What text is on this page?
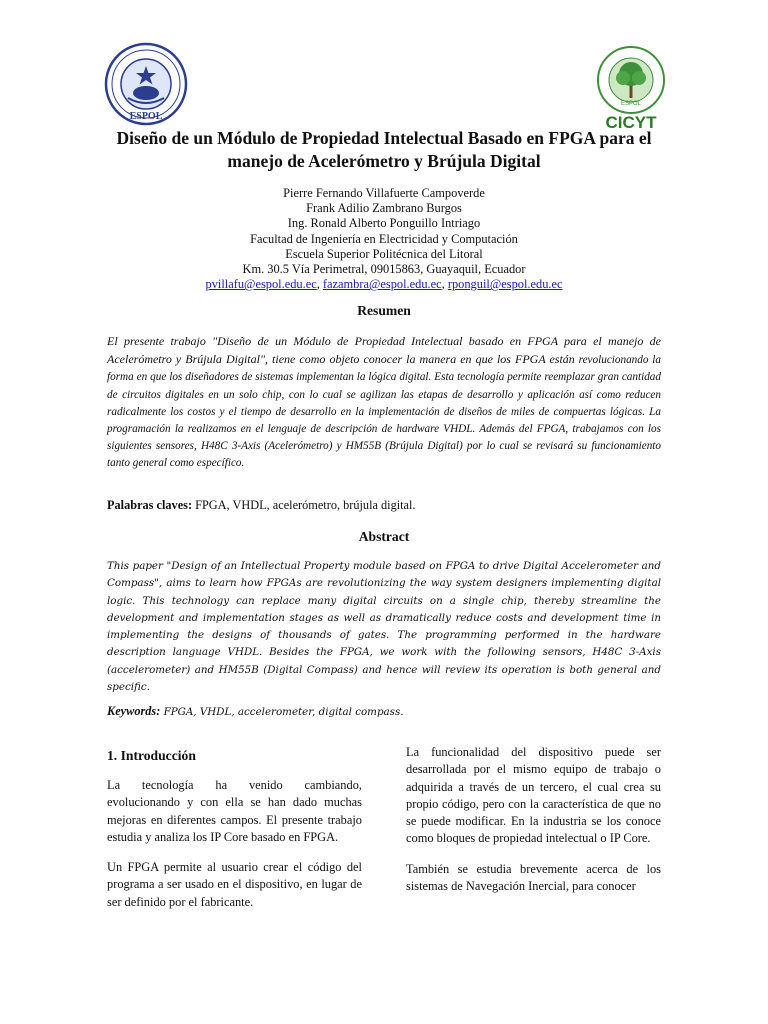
ESPOL
ESPOL
CICYT
Diseño de un Módulo de Propiedad Intelectual Basado en FPGA para el manejo de Acelerómetro y Brújula Digital
Pierre Fernando Villafuerte Campoverde
Frank Adilio Zambrano Burgos
Ing. Ronald Alberto Ponguillo Intriago
Facultad de Ingeniería en Electricidad y Computación
Escuela Superior Politécnica del Litoral
Km. 30.5 Vía Perimetral, 09015863, Guayaquil, Ecuador
pvillafu@espol.edu.ec, fazambra@espol.edu.ec, rponguil@espol.edu.ec
Resumen

El presente trabajo "Diseño de un Módulo de Propiedad Intelectual basado en FPGA para el manejo de Acelerómetro y Brújula Digital", tiene como objeto conocer la manera en que los FPGA están revolucionando la forma en que los diseñadores de sistemas implementan la lógica digital. Esta tecnología permite reemplazar gran cantidad de circuitos digitales en un solo chip, con lo cual se agilizan las etapas de desarrollo y aplicación así como reducen radicalmente los costos y el tiempo de desarrollo en la implementación de diseños de miles de compuertas lógicas. La programación la realizamos en el lenguaje de descripción de hardware VHDL. Además del FPGA, trabajamos con los siguientes sensores, H48C 3-Axis (Acelerómetro) y HM55B (Brújula Digital) por lo cual se revisará su funcionamiento tanto general como específico.

Palabras claves: FPGA, VHDL, acelerómetro, brújula digital.

Abstract

This paper "Design of an Intellectual Property module based on FPGA to drive Digital Accelerometer and Compass", aims to learn how FPGAs are revolutionizing the way system designers implementing digital logic. This technology can replace many digital circuits on a single chip, thereby streamline the development and implementation stages as well as dramatically reduce costs and development time in implementing the designs of thousands of gates. The programming performed in the hardware description language VHDL. Besides the FPGA, we work with the following sensors, H48C 3-Axis (accelerometer) and HM55B (Digital Compass) and hence will review its operation is both general and specific.

Keywords: FPGA, VHDL, accelerometer, digital compass.

1. Introducción

La tecnología ha venido cambiando, evolucionando y con ella se han dado muchas mejoras en diferentes campos. El presente trabajo estudia y analiza los IP Core basado en FPGA.

Un FPGA permite al usuario crear el código del programa a ser usado en el dispositivo, en lugar de ser definido por el fabricante.

La funcionalidad del dispositivo puede ser desarrollada por el mismo equipo de trabajo o adquirida a través de un tercero, el cual crea su propio código, pero con la característica de que no se puede modificar. En la industria se los conoce como bloques de propiedad intelectual o IP Core.

También se estudia brevemente acerca de los sistemas de Navegación Inercial, para conocer
